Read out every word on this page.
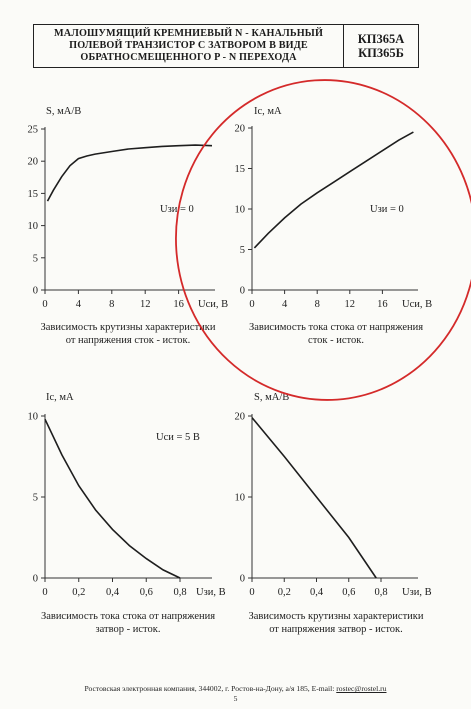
МАЛОШУМЯЩИЙ КРЕМНИЕВЫЙ N - КАНАЛЬНЫЙ
ПОЛЕВОЙ ТРАНЗИСТОР С ЗАТВОРОМ В ВИДЕ
ОБРАТНОСМЕЩЕННОГО P - N ПЕРЕХОДА
КП365А
КП365Б
0
5
10
15
20
25
0	4	8 12 16
S, мА/В
Uси, В
Uзи = 0
Зависимость крутизны характеристики
от напряжения сток - исток.
0
5
10
15
20
0	4	8 12 16
Iс, мА
Uси, В
Uзи = 0
Зависимость тока стока от напряжения
сток - исток.
0
5
10
0 0,2 0,4 0,6 0,8
Iс, мА
Uзи, В
Uси = 5 В
Зависимость тока стока от напряжения
затвор - исток.
0
10
20
0 0,2 0,4 0,6 0,8
S, мА/В
Uзи, В
Зависимость крутизны характеристики
от напряжения затвор - исток.
Ростовская электронная компания, 344002, г. Ростов-на-Дону, а/я 185, E-mail: rostec@rostel.ru
5
